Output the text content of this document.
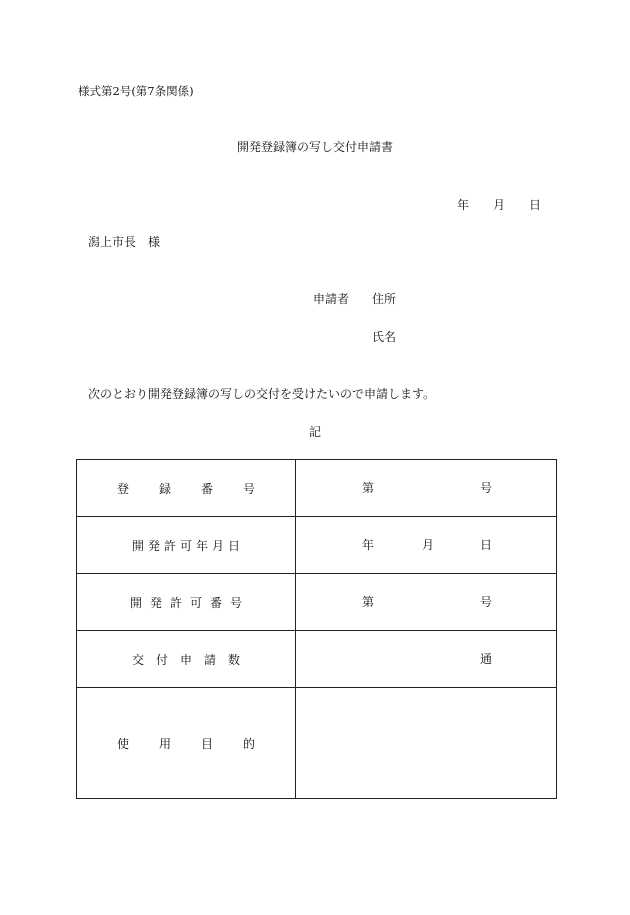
様式第2号(第7条関係)
開発登録簿の写し交付申請書
年 月 日
潟上市長　様
申請者 住所
氏名
次のとおり開発登録簿の写しの交付を受けたいので申請します。
記
登録番号	第 号

開発許可年月日	年 月 日

開発許可番号	第 号

交付申請数	通

使用目的	
